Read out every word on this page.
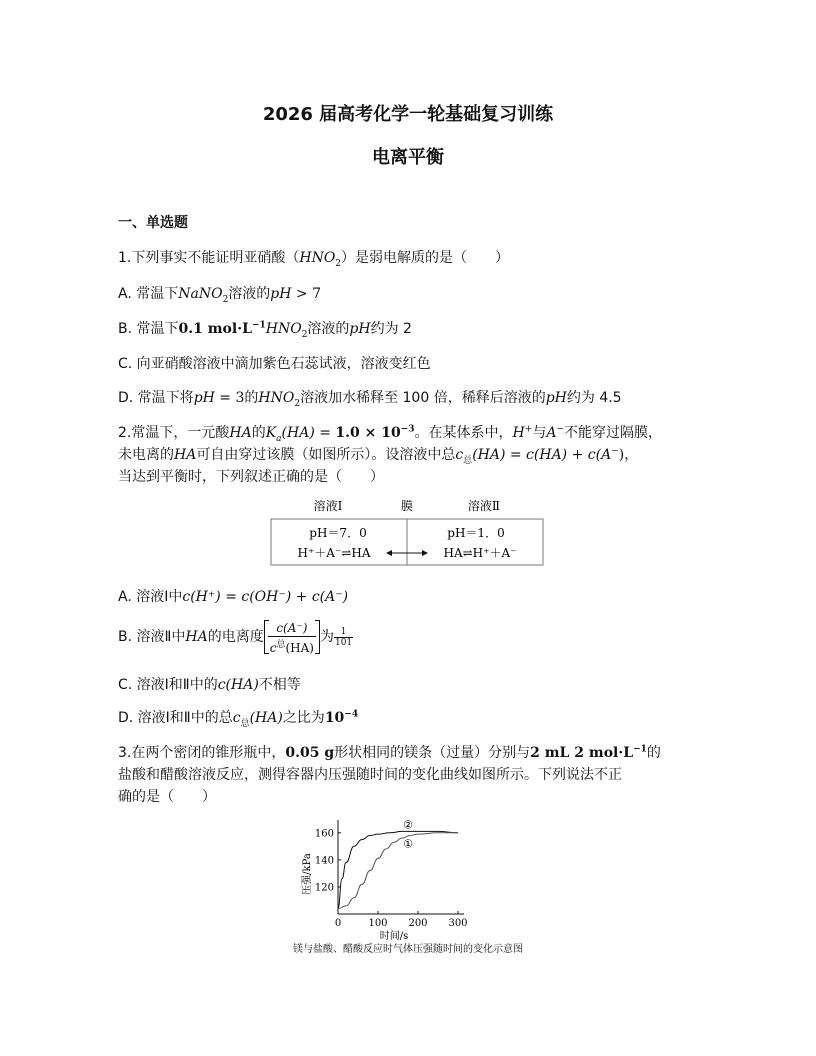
2026 届高考化学一轮基础复习训练
电离平衡
一、单选题
1.下列事实不能证明亚硝酸$(HNO_2)$是弱电解质的是（　　）
A. 常温下NaNO$_2$溶液的pH > 7
B. 常温下0.1 $mol\cdot L^{-1}HNO_2$溶液的pH约为 2
C. 向亚硝酸溶液中滴加紫色石蕊试液，溶液变红色
D. 常温下将pH = 3的$HNO_2$溶液加水稀释至 100 倍，稀释后溶液的pH约为 4.5
2.常温下，一元酸HA的$K_a(HA) = 1.0 \times 10^{-3}$。在某体系中，H+与A−不能穿过隔膜，
未电离的HA可自由穿过该膜（如图所示）。设溶液中总$c_总(HA) = c(HA) + c(A^-)$，
当达到平衡时，下列叙述正确的是（　　）
溶液Ⅰ	膜	溶液Ⅱ
pH＝7．0	pH＝1．0
H⁺＋A⁻⇌HA	HA⇌H⁺＋A⁻
A. 溶液Ⅰ中c(H⁺) = c(OH⁻) + c(A⁻)
B. 溶液Ⅱ中HA的电离度
c(A⁻)
$c^总(HA)$
为 $\frac{1}{101}$
C. 溶液Ⅰ和Ⅱ中的c(HA)不相等
D. 溶液Ⅰ和Ⅱ中的总$c_总(HA)$之比为$10^{-4}$
3.在两个密闭的锥形瓶中，0.05 g形状相同的镁条（过量）分别与2 mL 2 $mol\cdot L^{-1}$的
盐酸和醋酸溶液反应，测得容器内压强随时间的变化曲线如图所示。下列说法不正
确的是（　　）
120
140
160
0	100 200 300
时间/s
压强/kPa
②
①
镁与盐酸、醋酸反应时气体压强随时间的变化示意图
